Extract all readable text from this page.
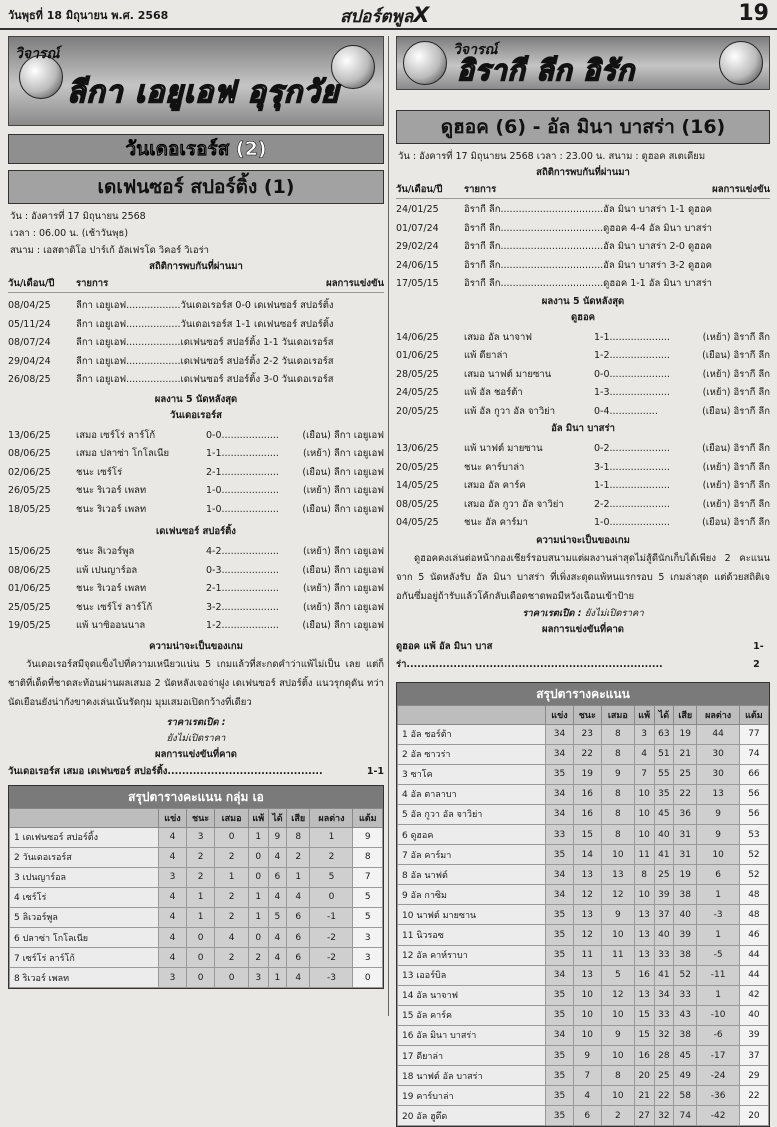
วันพุธที่ 18 มิถุนายน พ.ศ. 2568	สปอร์ตพูลX	19
วิจารณ์
ลีกา เอยูเอฟ อุรุกวัย
วันเดอเรอร์ส (2)
เดเฟนซอร์ สปอร์ติ้ง (1)
วัน : อังคารที่ 17 มิถุนายน 2568
เวลา : 06.00 น. (เช้าวันพุธ)
สนาม : เอสตาดิโอ ปาร์เก้ อัลเฟรโด วิคอร์ วิเอร่า
สถิติการพบกันที่ผ่านมา
วัน/เดือน/ปี	รายการ	ผลการแข่งขัน
08/04/25	ลีกา เอยูเอฟ..................วันเดอเรอร์ส 0-0 เดเฟนซอร์ สปอร์ติ้ง
05/11/24	ลีกา เอยูเอฟ..................วันเดอเรอร์ส 1-1 เดเฟนซอร์ สปอร์ติ้ง
08/07/24	ลีกา เอยูเอฟ..................เดเฟนซอร์ สปอร์ติ้ง 1-1 วันเดอเรอร์ส
29/04/24	ลีกา เอยูเอฟ..................เดเฟนซอร์ สปอร์ติ้ง 2-2 วันเดอเรอร์ส
26/08/25	ลีกา เอยูเอฟ..................เดเฟนซอร์ สปอร์ติ้ง 3-0 วันเดอเรอร์ส
ผลงาน 5 นัดหลังสุด
วันเดอเรอร์ส
13/06/25	เสมอ เซร์โร่ ลาร์โก้	0-0...................	(เยือน) ลีกา เอยูเอฟ
08/06/25	เสมอ ปลาซ่า โกโลเนีย	1-1...................	(เหย้า) ลีกา เอยูเอฟ
02/06/25	ชนะ เซร์โร่	2-1...................	(เยือน) ลีกา เอยูเอฟ
26/05/25	ชนะ ริเวอร์ เพลท	1-0...................	(เหย้า) ลีกา เอยูเอฟ
18/05/25	ชนะ ริเวอร์ เพลท	1-0...................	(เยือน) ลีกา เอยูเอฟ
เดเฟนซอร์ สปอร์ติ้ง
15/06/25	ชนะ ลิเวอร์พูล	4-2...................	(เหย้า) ลีกา เอยูเอฟ
08/06/25	แพ้ เปนญาร์อล	0-3...................	(เยือน) ลีกา เอยูเอฟ
01/06/25	ชนะ ริเวอร์ เพลท	2-1...................	(เหย้า) ลีกา เอยูเอฟ
25/05/25	ชนะ เซร์โร่ ลาร์โก้	3-2...................	(เหย้า) ลีกา เอยูเอฟ
19/05/25	แพ้ นาซิออนนาล	1-2...................	(เยือน) ลีกา เอยูเอฟ
ความน่าจะเป็นของเกม
วันเดอเรอร์สมีจุดแข็งไปที่ความเหนียวแน่น 5 เกมแล้วที่สะกดคำว่าแพ้ไม่เป็น เลย แต่ก็ชาติที่เด็ดที่ชาดสะท้อนผ่านผลเสมอ 2 นัดหลังเจอจ่าฝูง เดเฟนซอร์ สปอร์ติ้ง แนวรุกดุดัน ทว่านัดเยือนยังน่ากังขาคงเล่นเน้นรัดกุม มุมเสมอเปิดกว้างที่เดียว
ราคาเรตเปิด :
ยังไม่เปิดราคา
ผลการแข่งขันที่คาด
วันเดอเรอร์ส เสมอ เดเฟนซอร์ สปอร์ติ้ง...........................................	1-1
สรุปตารางคะแนน กลุ่ม เอ
	แข่ง	ชนะ	เสมอ	แพ้	ได้	เสีย	ผลต่าง	แต้ม
1 เดเฟนซอร์ สปอร์ติ้ง	4	3	0	1	9	8	1	9
2 วันเดอเรอร์ส	4	2	2	0	4	2	2	8
3 เปนญาร์อล	3	2	1	0	6	1	5	7
4 เซร์โร่	4	1	2	1	4	4	0	5
5 ลิเวอร์พูล	4	1	2	1	5	6	-1	5
6 ปลาซ่า โกโลเนีย	4	0	4	0	4	6	-2	3
7 เซร์โร่ ลาร์โก้	4	0	2	2	4	6	-2	3
8 ริเวอร์ เพลท	3	0	0	3	1	4	-3	0
วิจารณ์
อิรากี ลีก อิรัก
ดูฮอค (6) - อัล มินา บาสร่า (16)
วัน : อังคารที่ 17 มิถุนายน 2568 เวลา : 23.00 น. สนาม : ดูฮอค สเตเดียม
สถิติการพบกันที่ผ่านมา
วัน/เดือน/ปี	รายการ	ผลการแข่งขัน
24/01/25	อิรากี ลีก..................................อัล มินา บาสร่า 1-1 ดูฮอค
01/07/24	อิรากี ลีก..................................ดูฮอค 4-4 อัล มินา บาสร่า
29/02/24	อิรากี ลีก..................................อัล มินา บาสร่า 2-0 ดูฮอค
24/06/15	อิรากี ลีก..................................อัล มินา บาสร่า 3-2 ดูฮอค
17/05/15	อิรากี ลีก..................................ดูฮอค 1-1 อัล มินา บาสร่า
ผลงาน 5 นัดหลังสุด
ดูฮอค
14/06/25	เสมอ อัล นาจาฟ	1-1....................	(เหย้า) อิรากี ลีก
01/06/25	แพ้ ดียาล่า	1-2....................	(เยือน) อิรากี ลีก
28/05/25	เสมอ นาฟต์ มายซาน	0-0....................	(เหย้า) อิรากี ลีก
24/05/25	แพ้ อัล ชอร์ต้า	1-3....................	(เหย้า) อิรากี ลีก
20/05/25	แพ้ อัล กูวา อัล จาวิย่า	0-4................	(เยือน) อิรากี ลีก
อัล มินา บาสร่า
13/06/25	แพ้ นาฟต์ มายซาน	0-2....................	(เยือน) อิรากี ลีก
20/05/25	ชนะ คาร์บาล่า	3-1....................	(เหย้า) อิรากี ลีก
14/05/25	เสมอ อัล คาร์ค	1-1....................	(เหย้า) อิรากี ลีก
08/05/25	เสมอ อัล กูวา อัล จาวิย่า	2-2....................	(เหย้า) อิรากี ลีก
04/05/25	ชนะ อัล คาร์มา	1-0....................	(เยือน) อิรากี ลีก
ความน่าจะเป็นของเกม
ดูฮอคคงเล่นต่อหน้ากองเชียร์รอบสนามแต่ผลงานล่าสุดไม่สู้ดีนักเก็บได้เพียง 2 คะแนนจาก 5 นัดหลังรับ อัล มินา บาสร่า ที่เพิ่งสะดุดแพ้หนแรกรอบ 5 เกมล่าสุด แต่ด้วยสถิติเจอกันซึ่มอยู่ถ้ารับแล้วโค้กลับเดือดชาดพอมีหวังเฉือนเข้าป้าย
ราคาเรตเปิด : ยังไม่เปิดราคา
ผลการแข่งขันที่คาด
ดูฮอค แพ้ อัล มินา บาสร่า.......................................................................
1-2
สรุปตารางคะแนน
	แข่ง	ชนะ	เสมอ	แพ้	ได้	เสีย	ผลต่าง	แต้ม
1 อัล ชอร์ต้า	34	23	8	3	63	19	44	77
2 อัล ซาวร่า	34	22	8	4	51	21	30	74
3 ซาโค	35	19	9	7	55	25	30	66
4 อัล ตาลาบา	34	16	8	10	35	22	13	56
5 อัล กูวา อัล จาวิย่า	34	16	8	10	45	36	9	56
6 ดูฮอค	33	15	8	10	40	31	9	53
7 อัล คาร์มา	35	14	10	11	41	31	10	52
8 อัล นาฟต์	34	13	13	8	25	19	6	52
9 อัล กาซิม	34	12	12	10	39	38	1	48
10 นาฟต์ มายซาน	35	13	9	13	37	40	-3	48
11 นิวรอซ	35	12	10	13	40	39	1	46
12 อัล คาห์ราบา	35	11	11	13	33	38	-5	44
13 เออร์บิล	34	13	5	16	41	52	-11	44
14 อัล นาจาฟ	35	10	12	13	34	33	1	42
15 อัล คาร์ค	35	10	10	15	33	43	-10	40
16 อัล มินา บาสร่า	34	10	9	15	32	38	-6	39
17 ดียาล่า	35	9	10	16	28	45	-17	37
18 นาฟต์ อัล บาสร่า	35	7	8	20	25	49	-24	29
19 คาร์บาล่า	35	4	10	21	22	58	-36	22
20 อัล ฮูดึด	35	6	2	27	32	74	-42	20
